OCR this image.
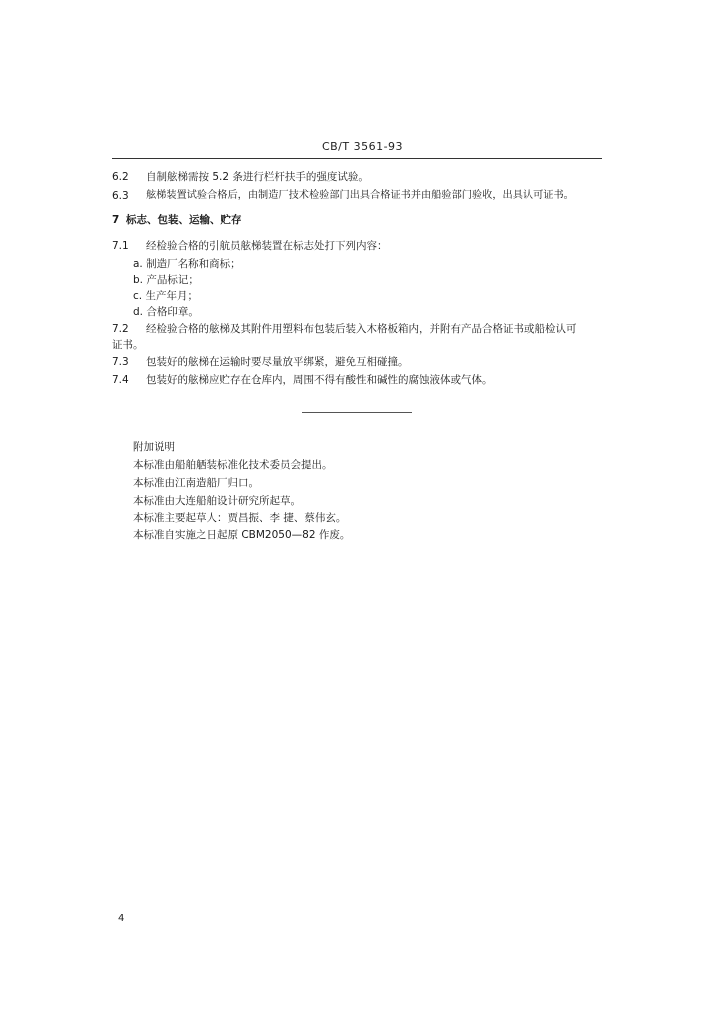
CB/T 3561-93
6.2 自制舷梯需按 5.2 条进行栏杆扶手的强度试验。
6.3 舷梯装置试验合格后，由制造厂技术检验部门出具合格证书并由船验部门验收，出具认可证书。
7 标志、包装、运输、贮存
7.1 经检验合格的引航员舷梯装置在标志处打下列内容：
a. 制造厂名称和商标；
b. 产品标记；
c. 生产年月；
d. 合格印章。
7.2 经检验合格的舷梯及其附件用塑料布包装后装入木格板箱内，并附有产品合格证书或船检认可
证书。
7.3 包装好的舷梯在运输时要尽量放平绑紧，避免互相碰撞。
7.4 包装好的舷梯应贮存在仓库内，周围不得有酸性和碱性的腐蚀液体或气体。
附加说明
本标准由船舶舾装标准化技术委员会提出。
本标准由江南造船厂归口。
本标准由大连船舶设计研究所起草。
本标准主要起草人：贾昌振、李 捷、蔡伟玄。
本标准自实施之日起原 CBM2050—82 作废。
4
